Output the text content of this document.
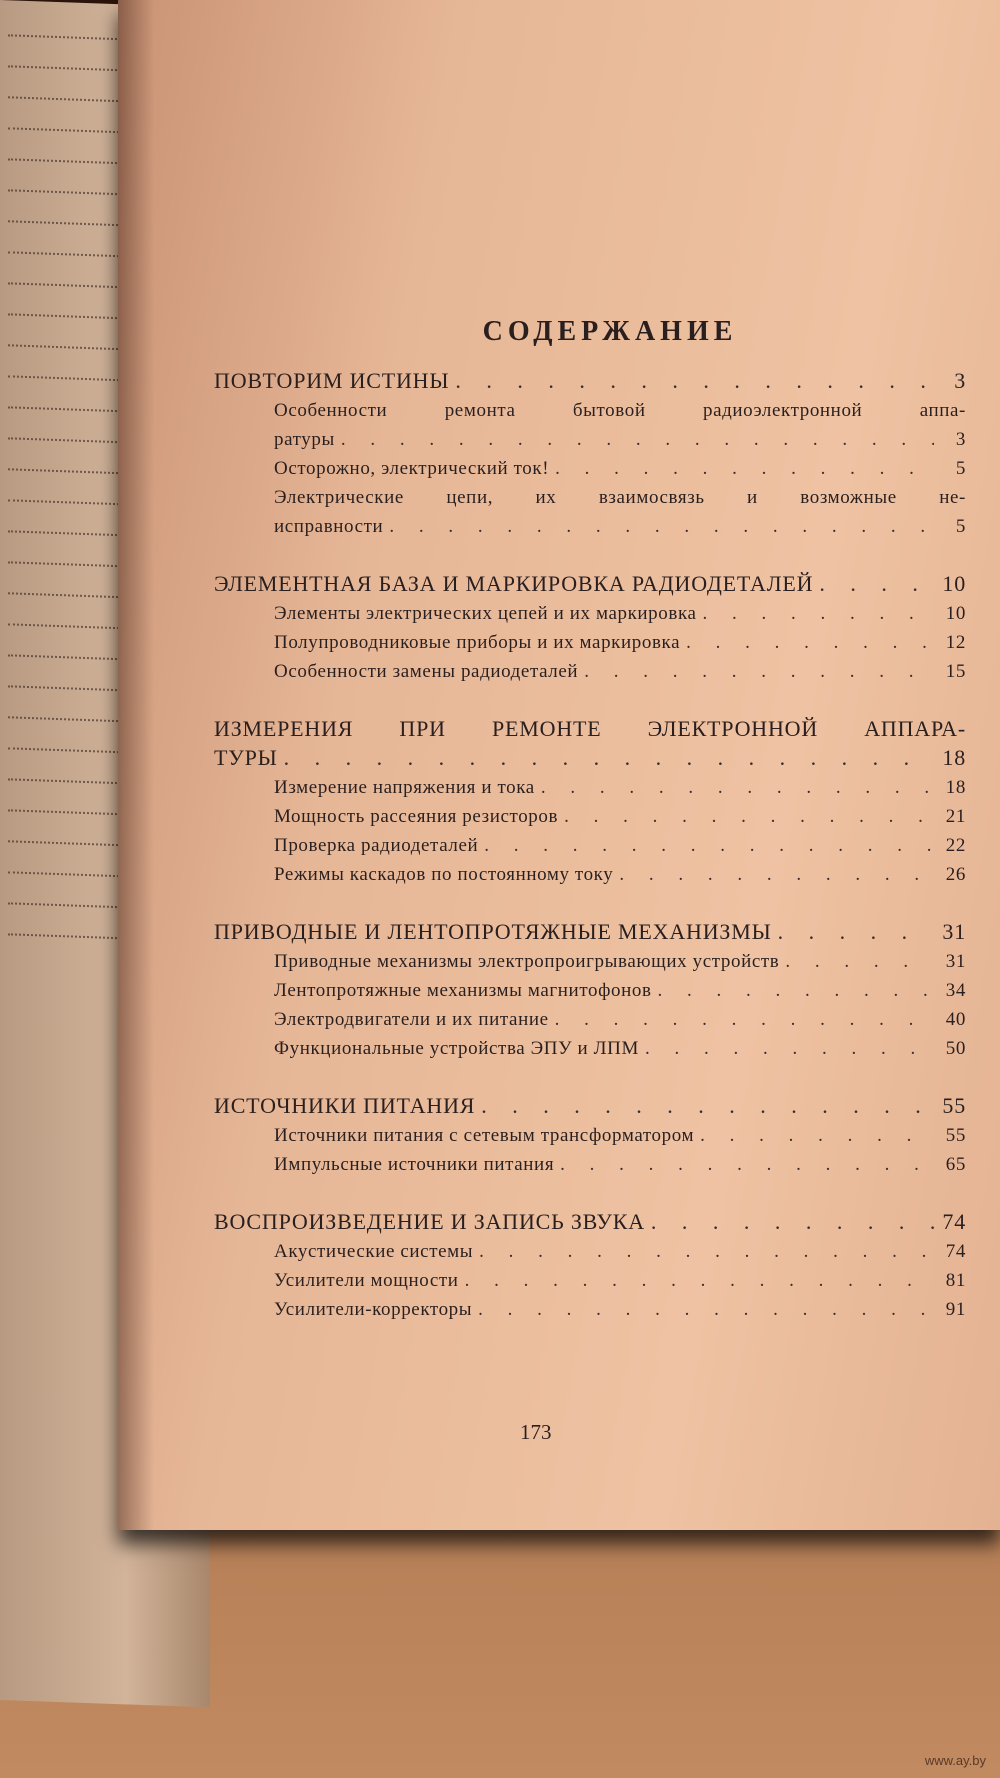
СОДЕРЖАНИЕ
ПОВТОРИМ ИСТИНЫ . . .	3
Особенности ремонта бытовой радиоэлектронной аппа-
ратуры . . .	3
Осторожно, электрический ток! . . .	5
Электрические цепи, их взаимосвязь и возможные не-
исправности . . .	5
ЭЛЕМЕНТНАЯ БАЗА И МАРКИРОВКА РАДИОДЕТАЛЕЙ . . .	10
Элементы электрических цепей и их маркировка . . .	10
Полупроводниковые приборы и их маркировка . . .	12
Особенности замены радиодеталей . . .	15
ИЗМЕРЕНИЯ ПРИ РЕМОНТЕ ЭЛЕКТРОННОЙ АППАРА-
ТУРЫ . . .	18
Измерение напряжения и тока . . .	18
Мощность рассеяния резисторов . . .	21
Проверка радиодеталей . . .	22
Режимы каскадов по постоянному току . . .	26
ПРИВОДНЫЕ И ЛЕНТОПРОТЯЖНЫЕ МЕХАНИЗМЫ . . .	31
Приводные механизмы электропроигрывающих устройств . . .	31
Лентопротяжные механизмы магнитофонов . . .	34
Электродвигатели и их питание . . .	40
Функциональные устройства ЭПУ и ЛПМ . . .	50
ИСТОЧНИКИ ПИТАНИЯ . . .	55
Источники питания с сетевым трансформатором . . .	55
Импульсные источники питания . . .	65
ВОСПРОИЗВЕДЕНИЕ И ЗАПИСЬ ЗВУКА . . .	74
Акустические системы . . .	74
Усилители мощности . . .	81
Усилители-корректоры . . .	91
173
www.ay.by
